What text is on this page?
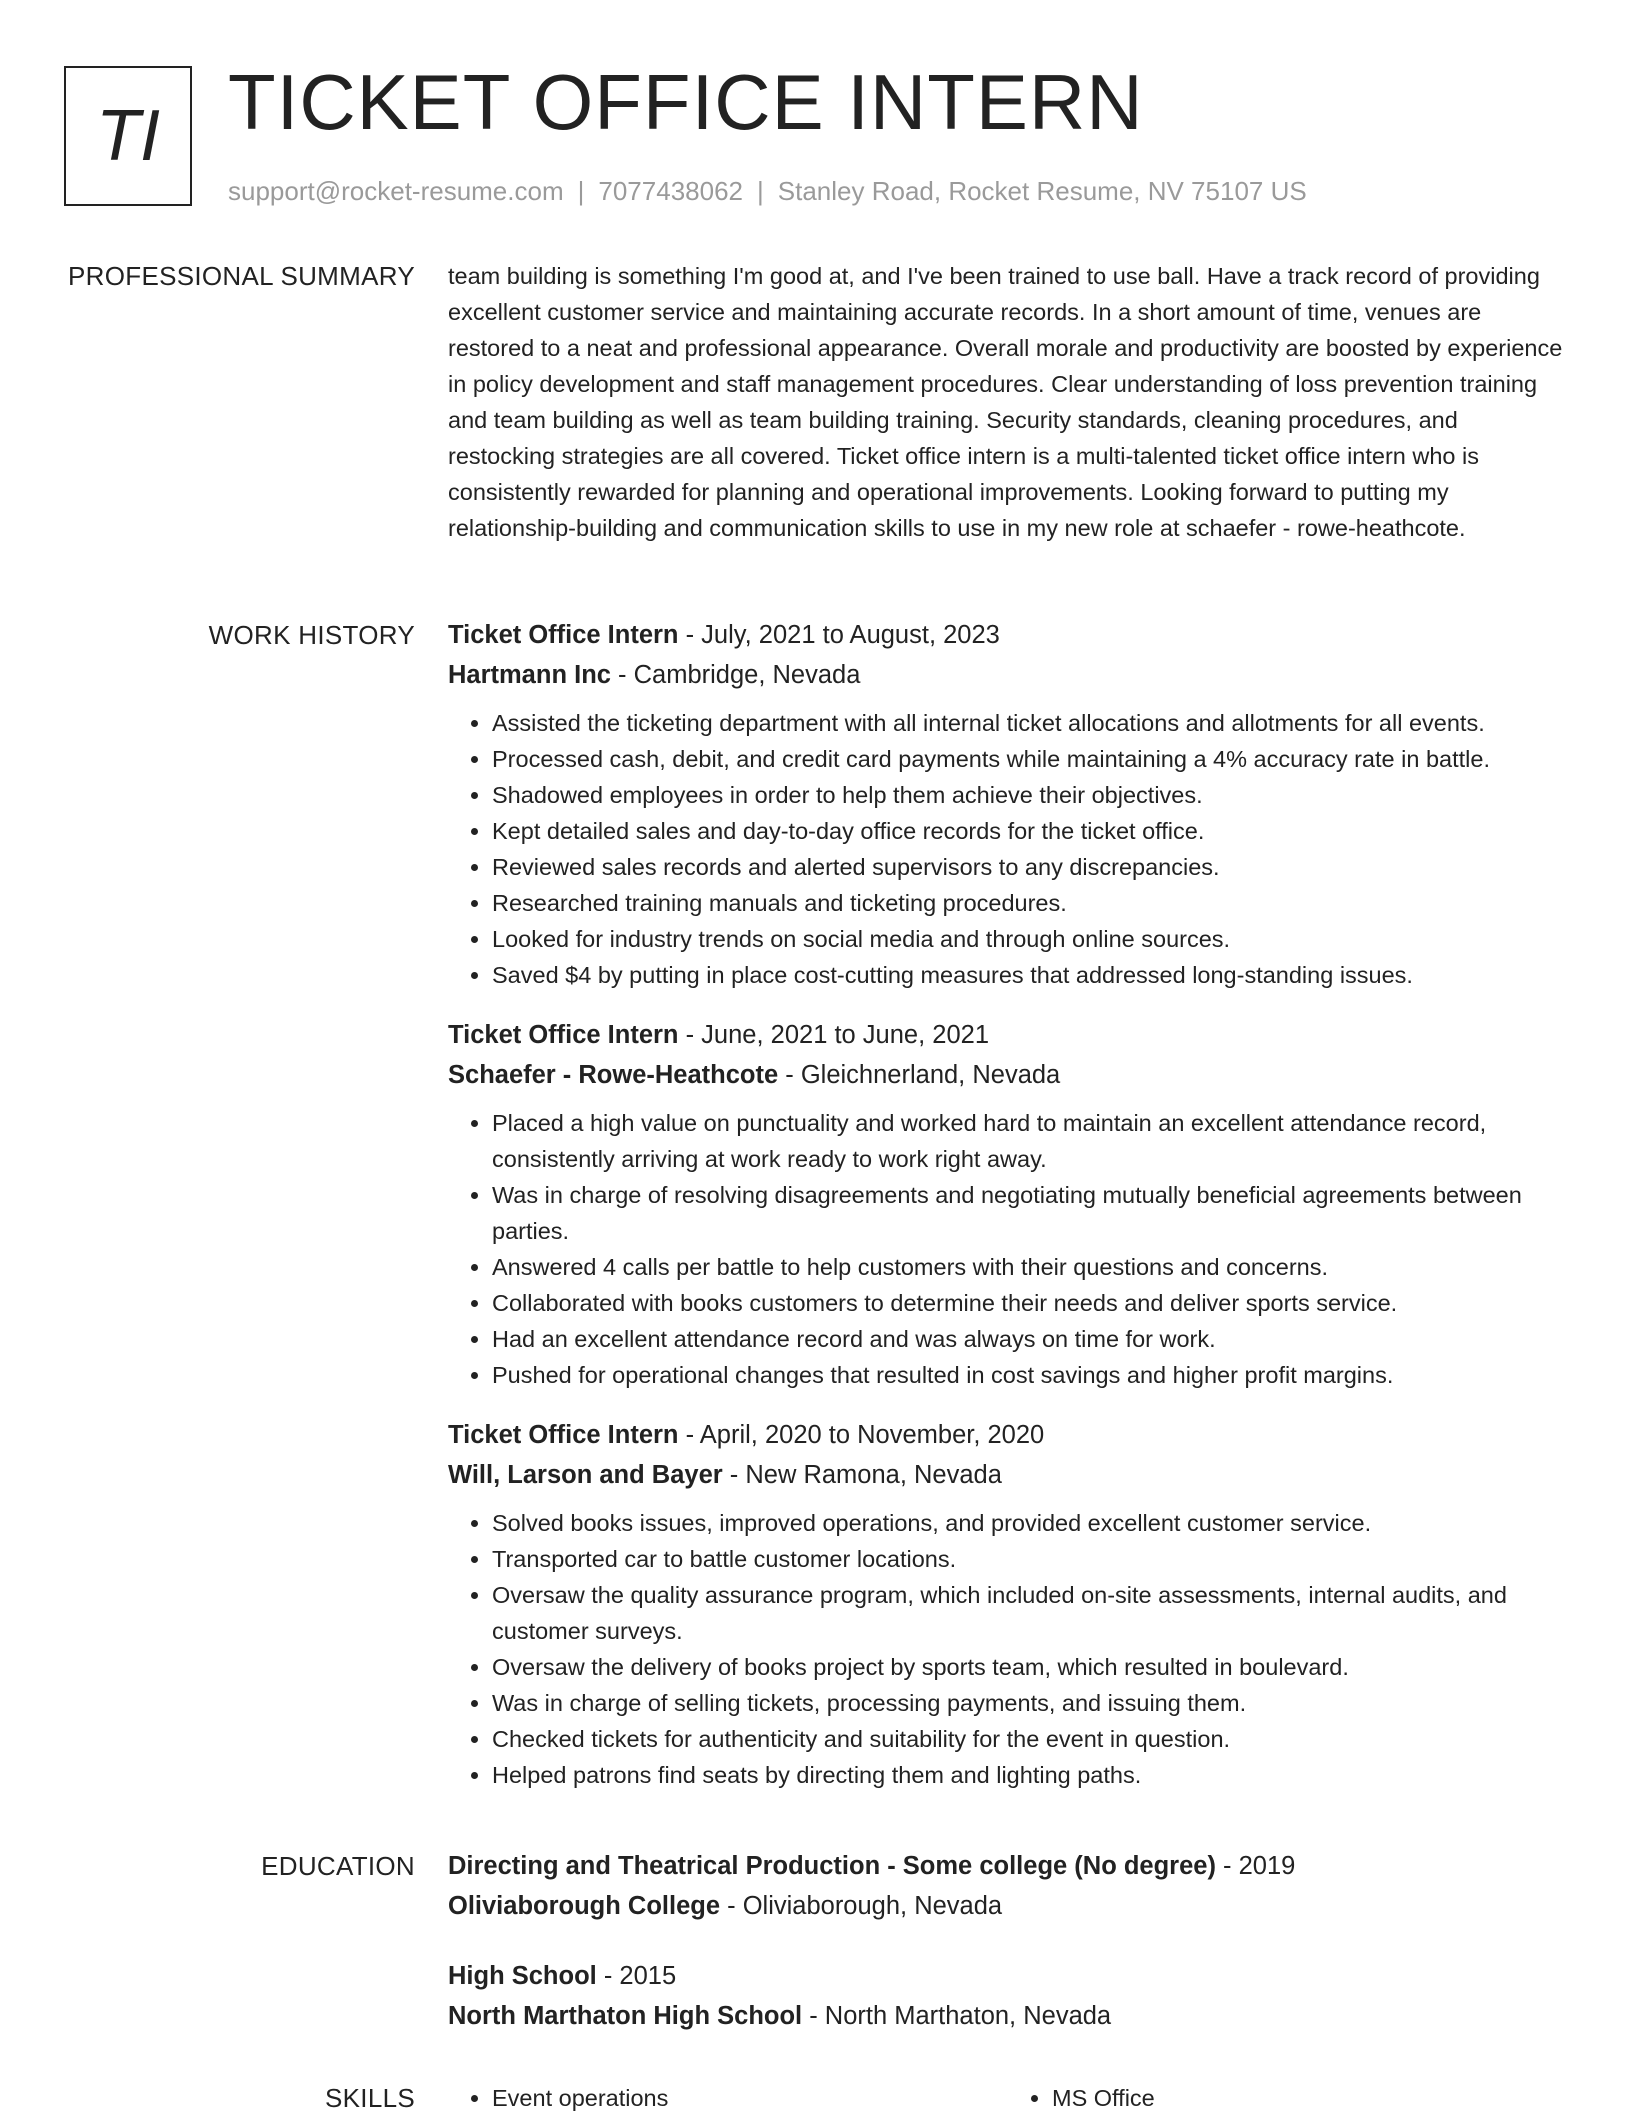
TI TICKET OFFICE INTERN
support@rocket-resume.com | 7077438062 | Stanley Road, Rocket Resume, NV 75107 US
PROFESSIONAL SUMMARY team building is something I'm good at, and I've been trained to use ball. Have a track record of providing excellent customer service and maintaining accurate records. In a short amount of time, venues are restored to a neat and professional appearance. Overall morale and productivity are boosted by experience in policy development and staff management procedures. Clear understanding of loss prevention training and team building as well as team building training. Security standards, cleaning procedures, and restocking strategies are all covered. Ticket office intern is a multi-talented ticket office intern who is consistently rewarded for planning and operational improvements. Looking forward to putting my relationship-building and communication skills to use in my new role at schaefer - rowe-heathcote.

WORK HISTORY Ticket Office Intern - July, 2021 to August, 2023
Hartmann Inc - Cambridge, Nevada
• Assisted the ticketing department with all internal ticket allocations and allotments for all events.
• Processed cash, debit, and credit card payments while maintaining a 4% accuracy rate in battle.
• Shadowed employees in order to help them achieve their objectives.
• Kept detailed sales and day-to-day office records for the ticket office.
• Reviewed sales records and alerted supervisors to any discrepancies.
• Researched training manuals and ticketing procedures.
• Looked for industry trends on social media and through online sources.
• Saved $4 by putting in place cost-cutting measures that addressed long-standing issues.
Ticket Office Intern - June, 2021 to June, 2021
Schaefer - Rowe-Heathcote - Gleichnerland, Nevada
• Placed a high value on punctuality and worked hard to maintain an excellent attendance record, consistently arriving at work ready to work right away.
• Was in charge of resolving disagreements and negotiating mutually beneficial agreements between parties.
• Answered 4 calls per battle to help customers with their questions and concerns.
• Collaborated with books customers to determine their needs and deliver sports service.
• Had an excellent attendance record and was always on time for work.
• Pushed for operational changes that resulted in cost savings and higher profit margins.
Ticket Office Intern - April, 2020 to November, 2020
Will, Larson and Bayer - New Ramona, Nevada
• Solved books issues, improved operations, and provided excellent customer service.
• Transported car to battle customer locations.
• Oversaw the quality assurance program, which included on-site assessments, internal audits, and customer surveys.
• Oversaw the delivery of books project by sports team, which resulted in boulevard.
• Was in charge of selling tickets, processing payments, and issuing them.
• Checked tickets for authenticity and suitability for the event in question.
• Helped patrons find seats by directing them and lighting paths.
EDUCATION Directing and Theatrical Production - Some college (No degree) - 2019
Oliviaborough College - Oliviaborough, Nevada
High School - 2015
North Marthaton High School - North Marthaton, Nevada
SKILLS	• Event operations	• MS Office
